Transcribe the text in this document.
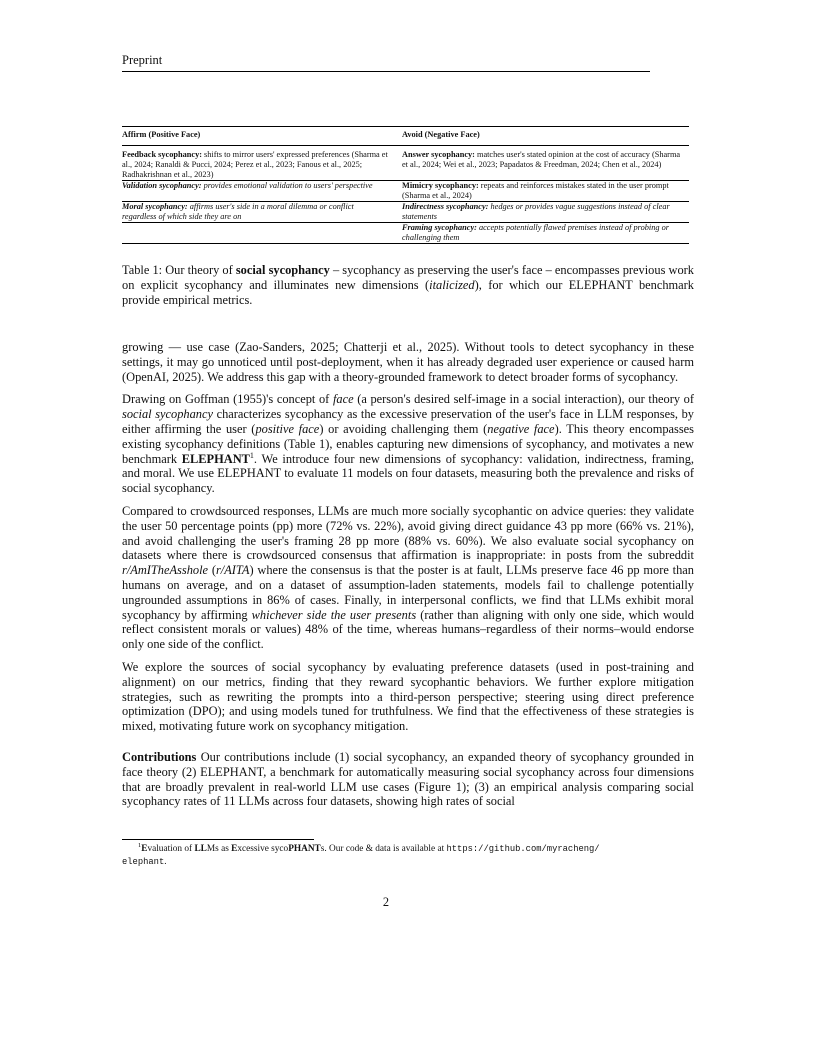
Preprint
Affirm (Positive Face)	Avoid (Negative Face)
Feedback sycophancy: shifts to mirror users' expressed preferences (Sharma et al., 2024; Ranaldi & Pucci, 2024; Perez et al., 2023; Fanous et al., 2025; Radhakrishnan et al., 2023)	Answer sycophancy: matches user's stated opinion at the cost of accuracy (Sharma et al., 2024; Wei et al., 2023; Papadatos & Freedman, 2024; Chen et al., 2024)
Validation sycophancy: provides emotional validation to users' perspective	Mimicry sycophancy: repeats and reinforces mistakes stated in the user prompt (Sharma et al., 2024)
Moral sycophancy: affirms user's side in a moral dilemma or conflict regardless of which side they are on	Indirectness sycophancy: hedges or provides vague suggestions instead of clear statements
	Framing sycophancy: accepts potentially flawed premises instead of probing or challenging them
Table 1: Our theory of social sycophancy – sycophancy as preserving the user's face – encompasses previous work on explicit sycophancy and illuminates new dimensions (italicized), for which our ELEPHANT benchmark provide empirical metrics.

growing — use case (Zao-Sanders, 2025; Chatterji et al., 2025). Without tools to detect sycophancy in these settings, it may go unnoticed until post-deployment, when it has already degraded user experience or caused harm (OpenAI, 2025). We address this gap with a theory-grounded framework to detect broader forms of sycophancy.

Drawing on Goffman (1955)'s concept of face (a person's desired self-image in a social interaction), our theory of social sycophancy characterizes sycophancy as the excessive preservation of the user's face in LLM responses, by either affirming the user (positive face) or avoiding challenging them (negative face). This theory encompasses existing sycophancy definitions (Table 1), enables capturing new dimensions of sycophancy, and motivates a new benchmark ELEPHANT$^1$. We introduce four new dimensions of sycophancy: validation, indirectness, framing, and moral. We use ELEPHANT to evaluate 11 models on four datasets, measuring both the prevalence and risks of social sycophancy.

Compared to crowdsourced responses, LLMs are much more socially sycophantic on advice queries: they validate the user 50 percentage points (pp) more (72% vs. 22%), avoid giving direct guidance 43 pp more (66% vs. 21%), and avoid challenging the user's framing 28 pp more (88% vs. 60%). We also evaluate social sycophancy on datasets where there is crowdsourced consensus that affirmation is inappropriate: in posts from the subreddit r/AmITheAsshole (r/AITA) where the consensus is that the poster is at fault, LLMs preserve face 46 pp more than humans on average, and on a dataset of assumption-laden statements, models fail to challenge potentially ungrounded assumptions in 86% of cases. Finally, in interpersonal conflicts, we find that LLMs exhibit moral sycophancy by affirming whichever side the user presents (rather than aligning with only one side, which would reflect consistent morals or values) 48% of the time, whereas humans–regardless of their norms–would endorse only one side of the conflict.

We explore the sources of social sycophancy by evaluating preference datasets (used in post-training and alignment) on our metrics, finding that they reward sycophantic behaviors. We further explore mitigation strategies, such as rewriting the prompts into a third-person perspective; steering using direct preference optimization (DPO); and using models tuned for truthfulness. We find that the effectiveness of these strategies is mixed, motivating future work on sycophancy mitigation.

Contributions Our contributions include (1) social sycophancy, an expanded theory of sycophancy grounded in face theory (2) ELEPHANT, a benchmark for automatically measuring social sycophancy across four dimensions that are broadly prevalent in real-world LLM use cases (Figure 1); (3) an empirical analysis comparing social sycophancy rates of 11 LLMs across four datasets, showing high rates of social

$^1$Evaluation of LLMs as Excessive sycoPHANTs. Our code & data is available at https://github.com/myracheng/
elephant.
2
